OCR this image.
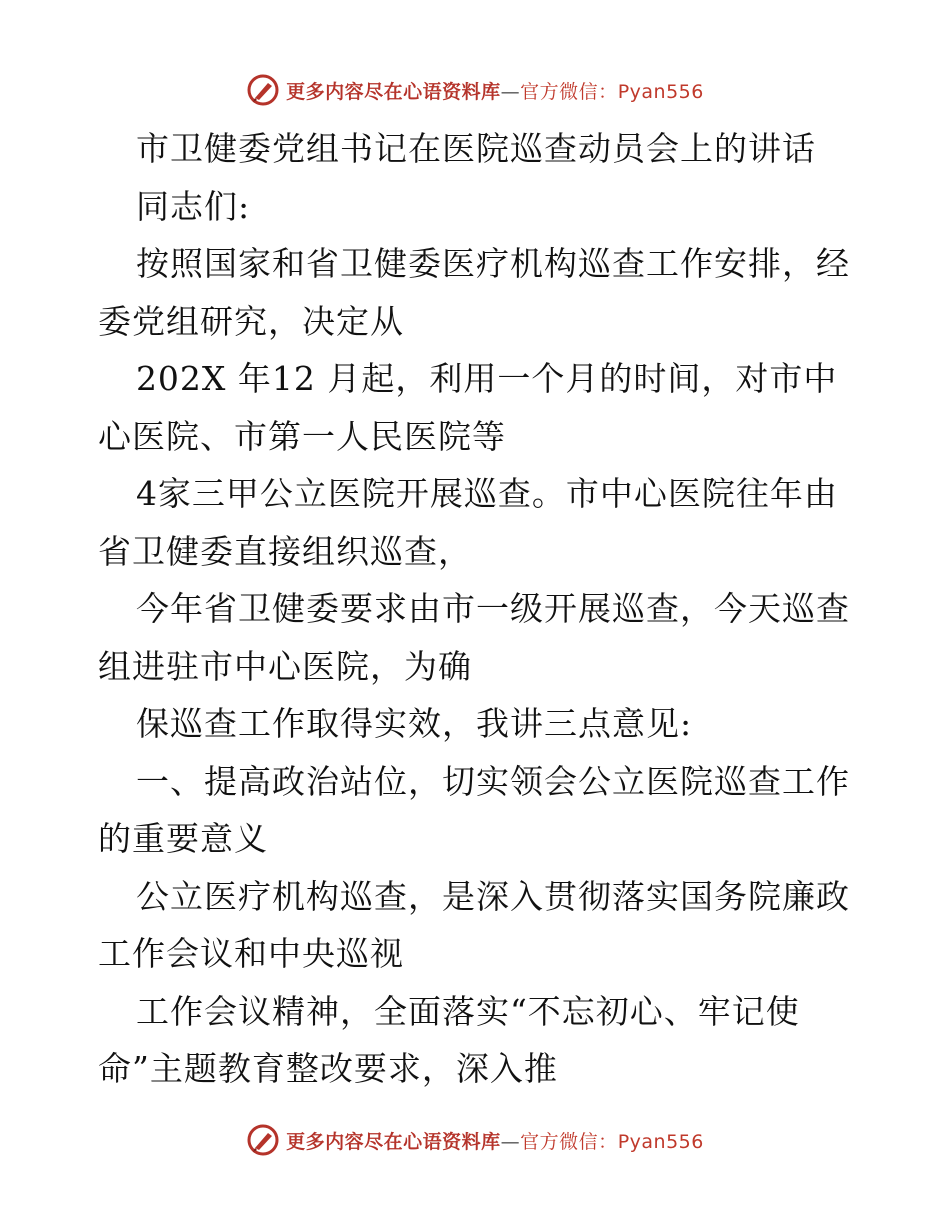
更多内容尽在心语资料库—官方微信：Pyan556

市卫健委党组书记在医院巡查动员会上的讲话

同志们:

按照国家和省卫健委医疗机构巡查工作安排，经委党组研究，决定从

202X 年12 月起，利用一个月的时间，对市中心医院、市第一人民医院等

4家三甲公立医院开展巡查。市中心医院往年由省卫健委直接组织巡查，

今年省卫健委要求由市一级开展巡查，今天巡查组进驻市中心医院，为确

保巡查工作取得实效，我讲三点意见:

一、提高政治站位，切实领会公立医院巡查工作的重要意义

公立医疗机构巡查，是深入贯彻落实国务院廉政工作会议和中央巡视

工作会议精神，全面落实“不忘初心、牢记使命”主题教育整改要求，深入推

更多内容尽在心语资料库—官方微信：Pyan556
